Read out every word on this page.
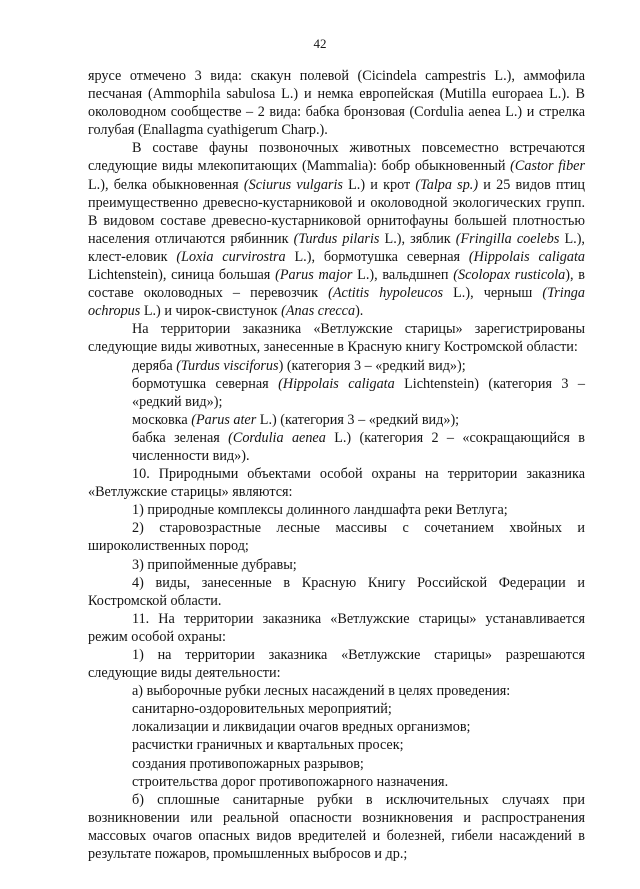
42

ярусе отмечено 3 вида: скакун полевой (Cicindela campestris L.), аммофила песчаная (Ammophila sabulosa L.) и немка европейская (Mutilla europaea L.). В околоводном сообществе – 2 вида: бабка бронзовая (Cordulia aenea L.) и стрелка голубая (Enallagma cyathigerum Charp.).

В составе фауны позвоночных животных повсеместно встречаются следующие виды млекопитающих (Mammalia): бобр обыкновенный (Castor fiber L.), белка обыкновенная (Sciurus vulgaris L.) и крот (Talpa sp.) и 25 видов птиц преимущественно древесно-кустарниковой и околоводной экологических групп. В видовом составе древесно-кустарниковой орнитофауны большей плотностью населения отличаются рябинник (Turdus pilaris L.), зяблик (Fringilla coelebs L.), клест-еловик (Loxia curvirostra L.), бормотушка северная (Hippolais caligata Lichtenstein), синица большая (Parus major L.), вальдшнеп (Scolopax rusticola), в составе околоводных – перевозчик (Actitis hypoleucos L.), черныш (Tringa ochropus L.) и чирок-свистунок (Anas crecca).

На территории заказника «Ветлужские старицы» зарегистрированы следующие виды животных, занесенные в Красную книгу Костромской области:

деряба (Turdus visciforus) (категория 3 – «редкий вид»);

бормотушка северная (Hippolais caligata Lichtenstein) (категория 3 – «редкий вид»);

московка (Parus ater L.) (категория 3 – «редкий вид»);

бабка зеленая (Cordulia aenea L.) (категория 2 – «сокращающийся в численности вид»).

10. Природными объектами особой охраны на территории заказника «Ветлужские старицы» являются:

1) природные комплексы долинного ландшафта реки Ветлуга;

2) старовозрастные лесные массивы с сочетанием хвойных и широколиственных пород;

3) припойменные дубравы;

4) виды, занесенные в Красную Книгу Российской Федерации и Костромской области.

11. На территории заказника «Ветлужские старицы» устанавливается режим особой охраны:

1) на территории заказника «Ветлужские старицы» разрешаются следующие виды деятельности:

а) выборочные рубки лесных насаждений в целях проведения:

санитарно-оздоровительных мероприятий;

локализации и ликвидации очагов вредных организмов;

расчистки граничных и квартальных просек;

создания противопожарных разрывов;

строительства дорог противопожарного назначения.

б) сплошные санитарные рубки в исключительных случаях при возникновении или реальной опасности возникновения и распространения массовых очагов опасных видов вредителей и болезней, гибели насаждений в результате пожаров, промышленных выбросов и др.;
